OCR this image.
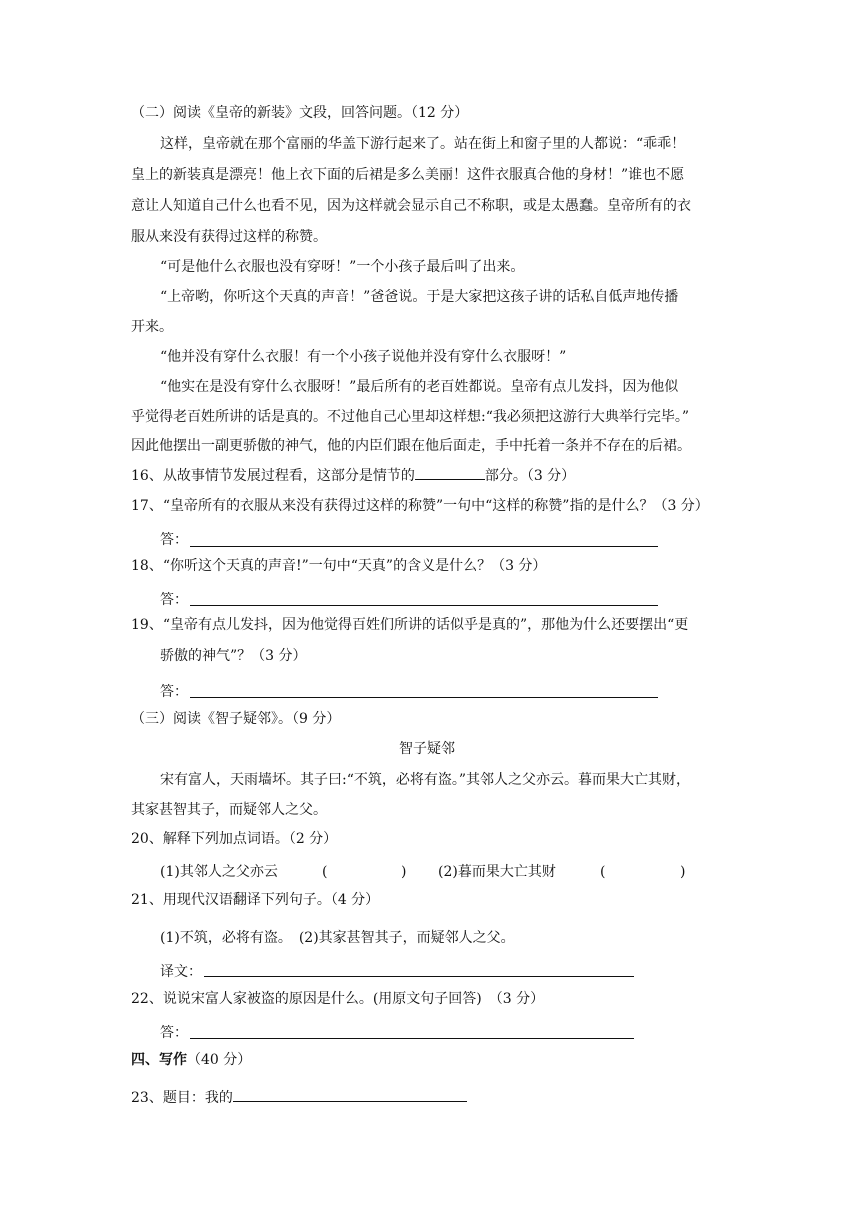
（二）阅读《皇帝的新装》文段，回答问题。（12 分）
这样，皇帝就在那个富丽的华盖下游行起来了。站在街上和窗子里的人都说：“乖乖！
皇上的新装真是漂亮！他上衣下面的后裙是多么美丽！这件衣服真合他的身材！”谁也不愿
意让人知道自己什么也看不见，因为这样就会显示自己不称职，或是太愚蠢。皇帝所有的衣
服从来没有获得过这样的称赞。
“可是他什么衣服也没有穿呀！”一个小孩子最后叫了出来。
“上帝哟，你听这个天真的声音！”爸爸说。于是大家把这孩子讲的话私自低声地传播
开来。
“他并没有穿什么衣服！有一个小孩子说他并没有穿什么衣服呀！”
“他实在是没有穿什么衣服呀！”最后所有的老百姓都说。皇帝有点儿发抖，因为他似
乎觉得老百姓所讲的话是真的。不过他自己心里却这样想:“我必须把这游行大典举行完毕。”
因此他摆出一副更骄傲的神气，他的内臣们跟在他后面走，手中托着一条并不存在的后裙。
16、从故事情节发展过程看，这部分是情节的	部分。（3 分）
17、“皇帝所有的衣服从来没有获得过这样的称赞”一句中“这样的称赞”指的是什么？（3 分）
答：
18、“你听这个天真的声音!”一句中“天真”的含义是什么？（3 分）
答：
19、“皇帝有点儿发抖，因为他觉得百姓们所讲的话似乎是真的”，那他为什么还要摆出“更
骄傲的神气”？（3 分）
答：
（三）阅读《智子疑邻》。（9 分）
智子疑邻
宋有富人，天雨墙坏。其子曰:“不筑，必将有盗。”其邻人之父亦云。暮而果大亡其财，
其家甚智其子，而疑邻人之父。
20、解释下列加点词语。（2 分）
(1)其邻人之父亦云	(	) (2)暮而果大亡其财	(	)
21、用现代汉语翻译下列句子。（4 分）
(1)不筑，必将有盗。　(2)其家甚智其子，而疑邻人之父。
译文：
22、说说宋富人家被盗的原因是什么。(用原文句子回答)　（3 分）
答：
四、写作（40 分）
23、题目：我的
